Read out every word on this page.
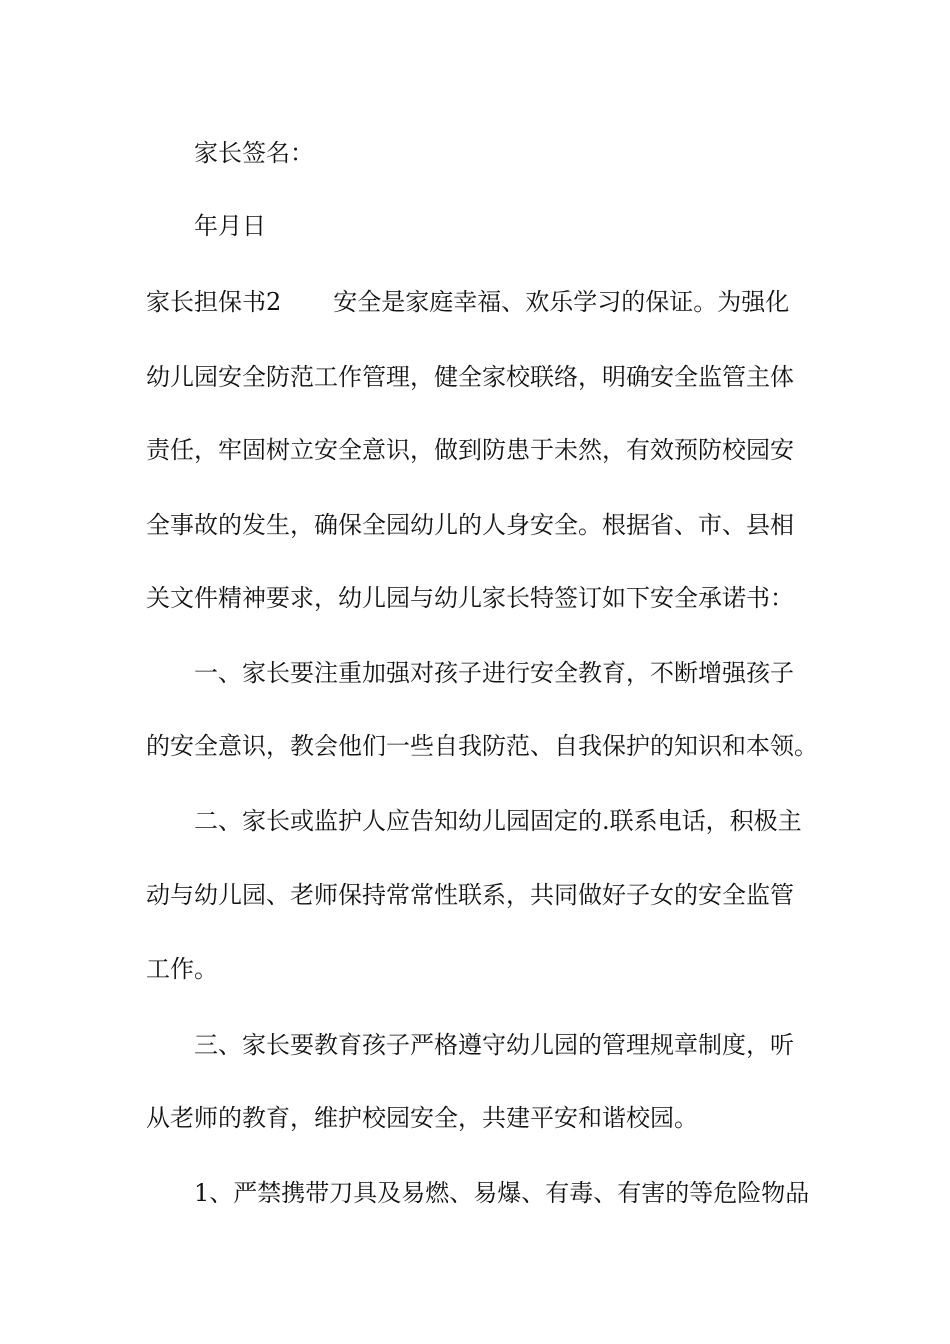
家长签名：
年月日
家长担保书2 安全是家庭幸福、欢乐学习的保证。为强化
幼儿园安全防范工作管理，健全家校联络，明确安全监管主体
责任，牢固树立安全意识，做到防患于未然，有效预防校园安
全事故的发生，确保全园幼儿的人身安全。根据省、市、县相
关文件精神要求，幼儿园与幼儿家长特签订如下安全承诺书：
一、家长要注重加强对孩子进行安全教育，不断增强孩子
的安全意识，教会他们一些自我防范、自我保护的知识和本领。
二、家长或监护人应告知幼儿园固定的.联系电话，积极主
动与幼儿园、老师保持常常性联系，共同做好子女的安全监管
工作。
三、家长要教育孩子严格遵守幼儿园的管理规章制度，听
从老师的教育，维护校园安全，共建平安和谐校园。
1、严禁携带刀具及易燃、易爆、有毒、有害的等危险物品
